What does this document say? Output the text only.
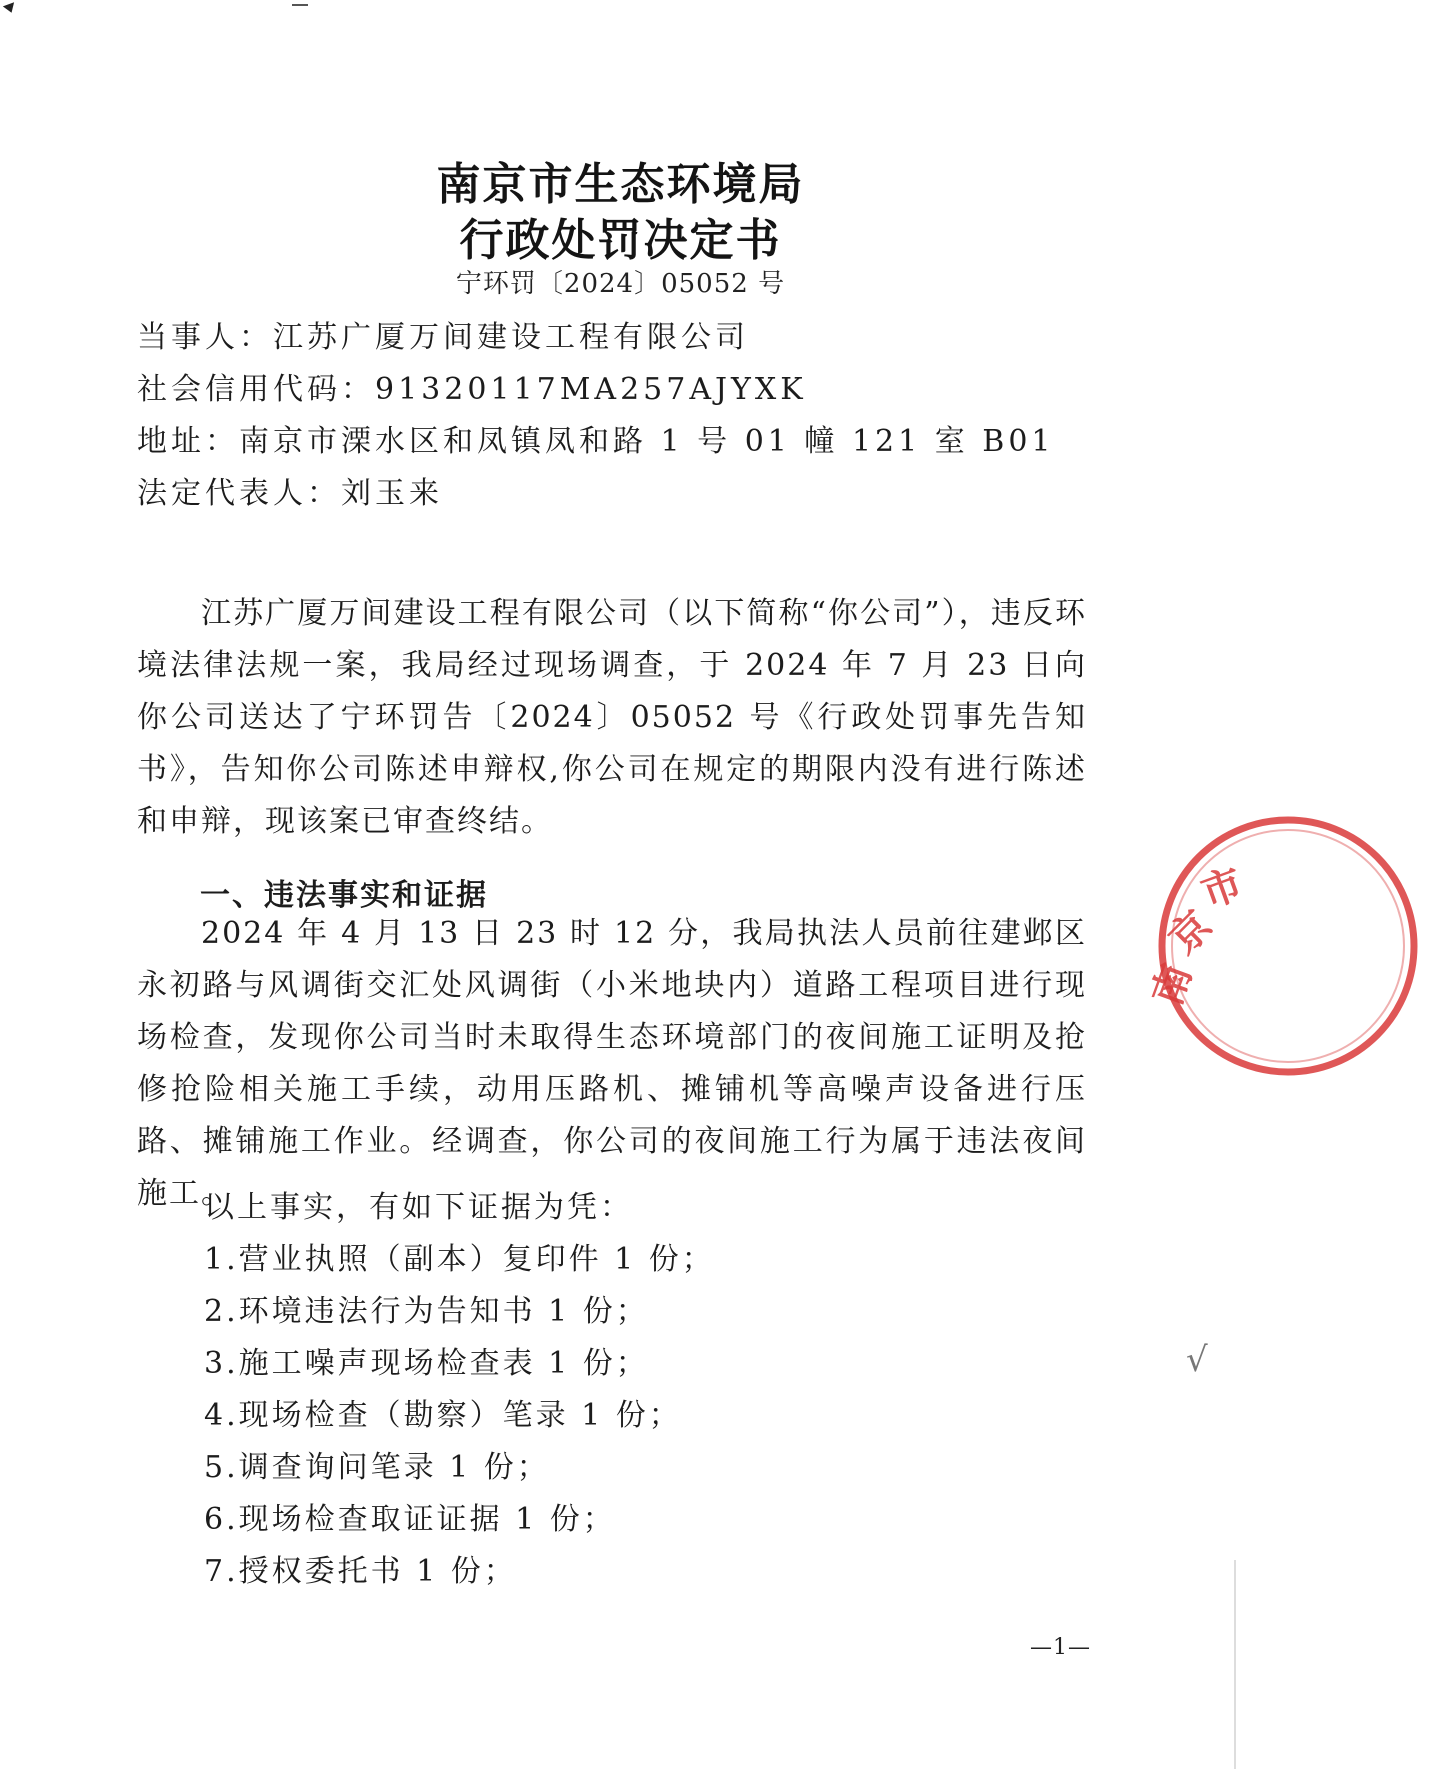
南京市生态环境局
行政处罚决定书
宁环罚〔2024〕05052 号
当事人：江苏广厦万间建设工程有限公司
社会信用代码：91320117MA257AJYXK
地址：南京市溧水区和凤镇凤和路 1 号 01 幢 121 室 B01
法定代表人：刘玉来
江苏广厦万间建设工程有限公司（以下简称“你公司”），违反环境法律法规一案，我局经过现场调查，于 2024 年 7 月 23 日向你公司送达了宁环罚告〔2024〕05052 号《行政处罚事先告知书》，告知你公司陈述申辩权,你公司在规定的期限内没有进行陈述和申辩，现该案已审查终结。
一、违法事实和证据
2024 年 4 月 13 日 23 时 12 分，我局执法人员前往建邺区永初路与风调街交汇处风调街（小米地块内）道路工程项目进行现场检查，发现你公司当时未取得生态环境部门的夜间施工证明及抢修抢险相关施工手续，动用压路机、摊铺机等高噪声设备进行压路、摊铺施工作业。经调查，你公司的夜间施工行为属于违法夜间施工。
以上事实，有如下证据为凭：
1.营业执照（副本）复印件 1 份；
2.环境违法行为告知书 1 份；
3.施工噪声现场检查表 1 份；
4.现场检查（勘察）笔录 1 份；
5.调查询问笔录 1 份；
6.现场检查取证证据 1 份；
7.授权委托书 1 份；
—1—
南
京
市
√
